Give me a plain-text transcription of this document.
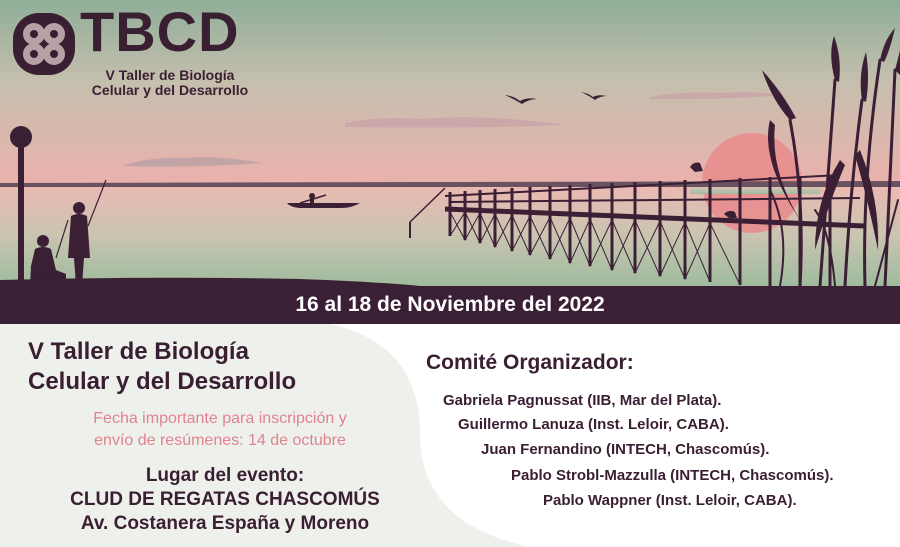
TBCD
V Taller de Biología
Celular y del Desarrollo
16 al 18 de Noviembre del 2022
V Taller de Biología
Celular y del Desarrollo
Fecha importante para inscripción y
envío de resúmenes: 14 de octubre
Lugar del evento:
CLUD DE REGATAS CHASCOMÚS
Av. Costanera España y Moreno
Comité Organizador:
Gabriela Pagnussat (IIB, Mar del Plata).
Guillermo Lanuza (Inst. Leloir, CABA).
Juan Fernandino (INTECH, Chascomús).
Pablo Strobl-Mazzulla (INTECH, Chascomús).
Pablo Wappner (Inst. Leloir, CABA).
